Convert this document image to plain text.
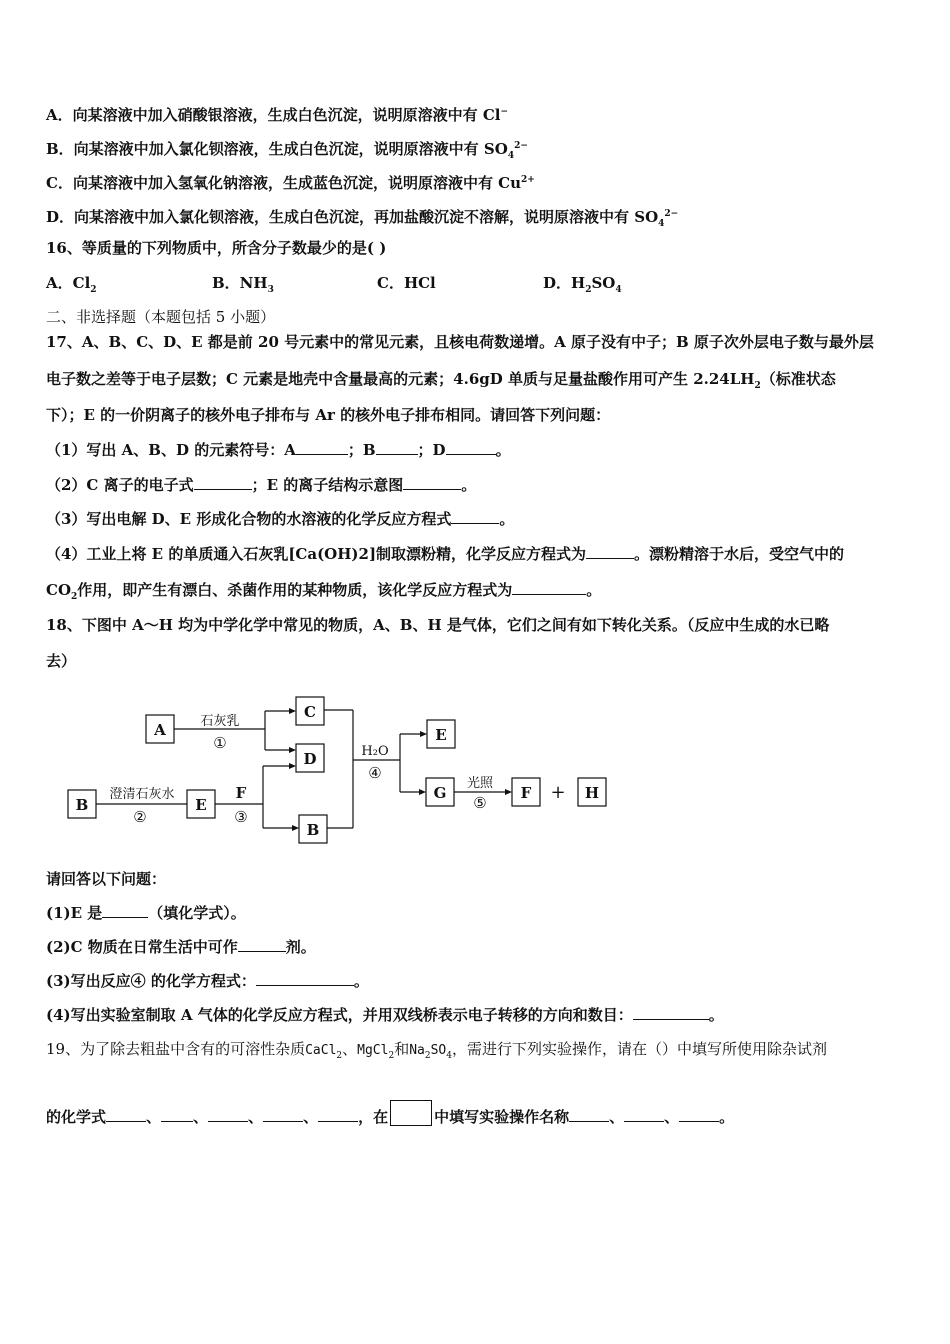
A．向某溶液中加入硝酸银溶液，生成白色沉淀，说明原溶液中有 Cl−
B．向某溶液中加入氯化钡溶液，生成白色沉淀，说明原溶液中有 $SO_4^{2-}$
C．向某溶液中加入氢氧化钠溶液，生成蓝色沉淀，说明原溶液中有 $Cu^{2+}$
D．向某溶液中加入氯化钡溶液，生成白色沉淀，再加盐酸沉淀不溶解，说明原溶液中有 $SO_4^{2-}$
16、等质量的下列物质中，所含分子数最少的是( )
A．$Cl_2$	B．$NH_3$	C．HCl	D．$H_2SO_4$
二、非选择题（本题包括 5 小题）
17、A、B、C、D、E 都是前 20 号元素中的常见元素，且核电荷数递增。A 原子没有中子；B 原子次外层电子数与最外层
电子数之差等于电子层数；C 元素是地壳中含量最高的元素；4.6gD 单质与足量盐酸作用可产生 $2.24LH_2$（标准状态
下）；E 的一价阴离子的核外电子排布与 Ar 的核外电子排布相同。请回答下列问题：
（1）写出 A、B、D 的元素符号：A	；B	；D	。
（2）C 离子的电子式	；E 的离子结构示意图	。
（3）写出电解 D、E 形成化合物的水溶液的化学反应方程式	。
（4）工业上将 E 的单质通入石灰乳[Ca(OH)2]制取漂粉精，化学反应方程式为	。漂粉精溶于水后，受空气中的
$CO_2$作用，即产生有漂白、杀菌作用的某种物质，该化学反应方程式为	。
18、下图中 A～H 均为中学化学中常见的物质，A、B、H 是气体，它们之间有如下转化关系。（反应中生成的水已略
去）
A
C
D
B	E
B
E
G	F	H
F	+
石灰乳
①
澄清石灰水
②	③
H₂O
④
光照
⑤
请回答以下问题：
(1)E 是	（填化学式）。
(2)C 物质在日常生活中可作	剂。
(3)写出反应④ 的化学方程式：	。
(4)写出实验室制取 A 气体的化学反应方程式，并用双线桥表示电子转移的方向和数目：	。
19、为了除去粗盐中含有的可溶性杂质CaCl$_2$、MgCl$_2$和$Na_2SO_4$，需进行下列实验操作，请在（）中填写所使用除杂试剂
的化学式	、 、	、	、	，在	中填写实验操作名称	、	、	。
